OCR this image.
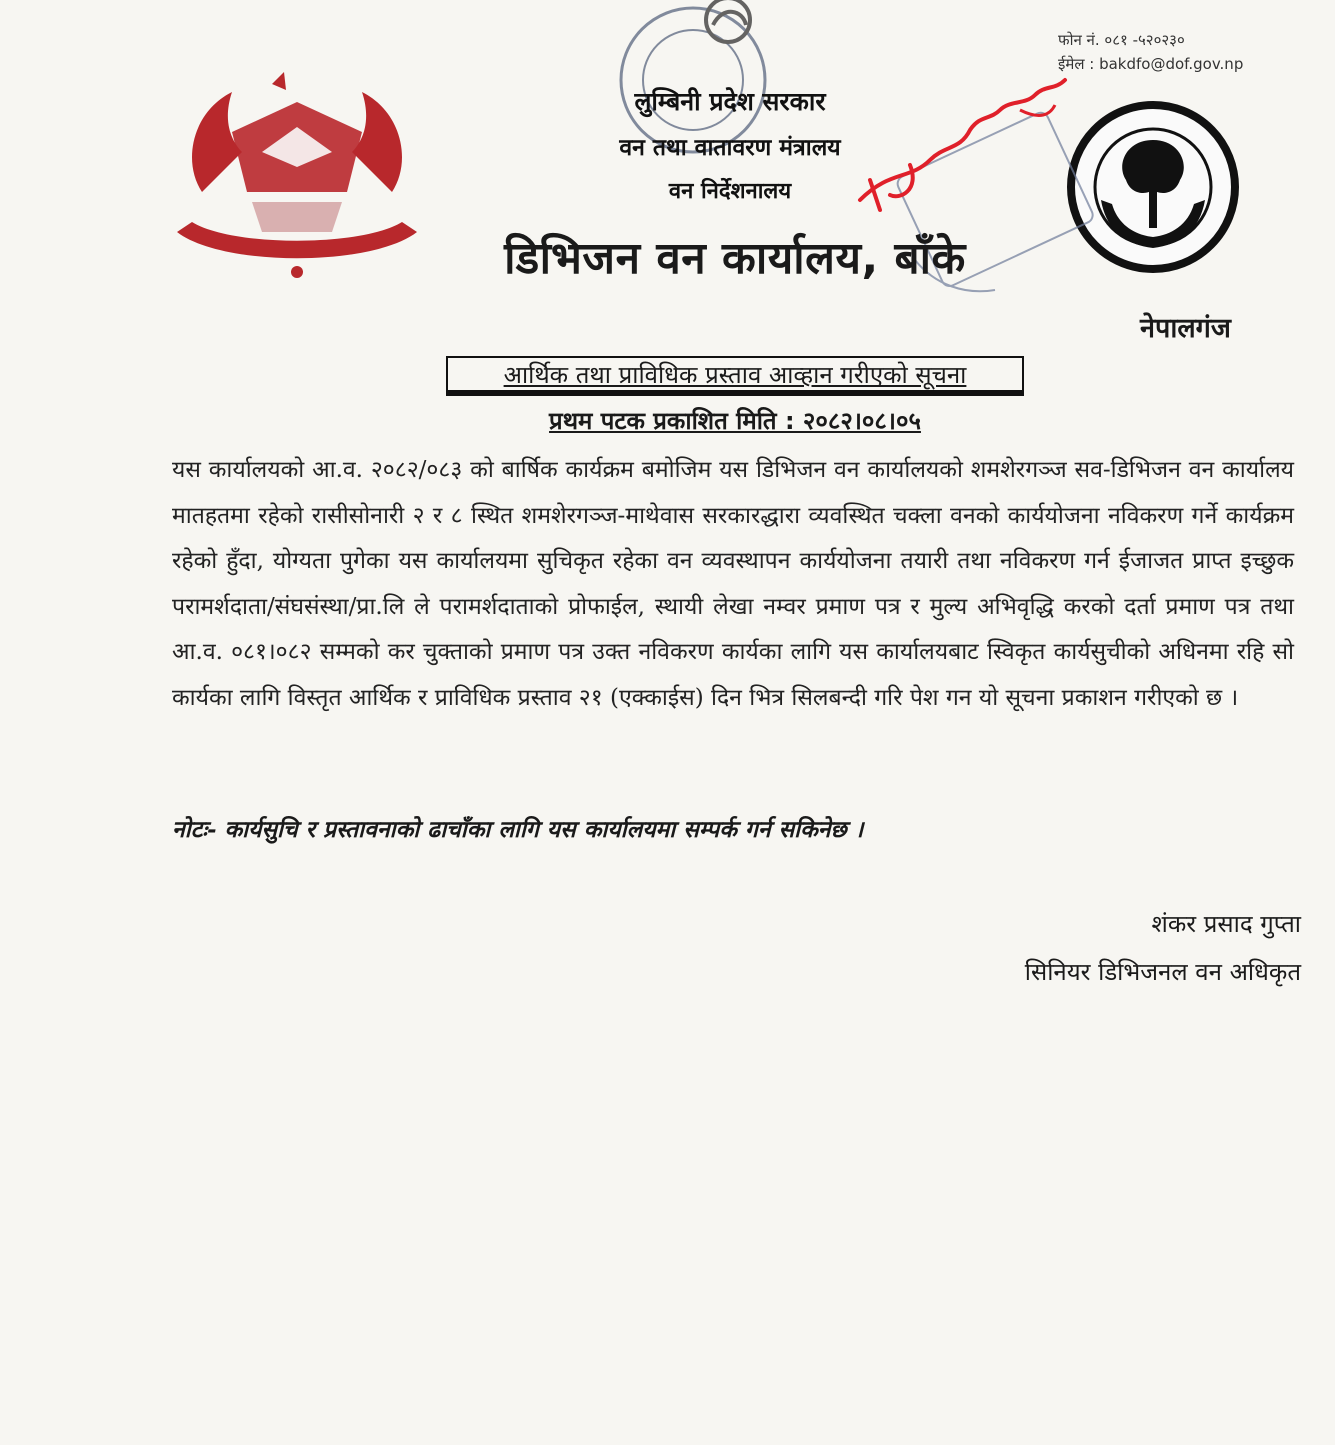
फोन नं. ०८१ -५२०२३०
ईमेल : bakdfo@dof.gov.np
लुम्बिनी प्रदेश सरकार
वन तथा वातावरण मंत्रालय
वन निर्देशनालय
डिभिजन वन कार्यालय, बाँके
नेपालगंज
आर्थिक तथा प्राविधिक प्रस्ताव आव्हान गरीएको सूचना
प्रथम पटक प्रकाशित मिति : २०८२।०८।०५
यस कार्यालयको आ.व. २०८२/०८३ को बार्षिक कार्यक्रम बमोजिम यस डिभिजन वन कार्यालयको शमशेरगञ्ज सव-डिभिजन वन कार्यालय मातहतमा रहेको रासीसोनारी २ र ८ स्थित शमशेरगञ्ज-माथेवास सरकारद्धारा व्यवस्थित चक्ला वनको कार्ययोजना नविकरण गर्ने कार्यक्रम रहेको हुँदा, योग्यता पुगेका यस कार्यालयमा सुचिकृत रहेका वन व्यवस्थापन कार्ययोजना तयारी तथा नविकरण गर्न ईजाजत प्राप्त इच्छुक परामर्शदाता/संघसंस्था/प्रा.लि ले परामर्शदाताको प्रोफाईल, स्थायी लेखा नम्वर प्रमाण पत्र र मुल्य अभिवृद्धि करको दर्ता प्रमाण पत्र तथा आ.व. ०८१।०८२ सम्मको कर चुक्ताको प्रमाण पत्र उक्त नविकरण कार्यका लागि यस कार्यालयबाट स्विकृत कार्यसुचीको अधिनमा रहि सो कार्यका लागि विस्तृत आर्थिक र प्राविधिक प्रस्ताव २१ (एक्काईस) दिन भित्र सिलबन्दी गरि पेश गन यो सूचना प्रकाशन गरीएको छ ।
नोटः- कार्यसुचि र प्रस्तावनाको ढाचाँका लागि यस कार्यालयमा सम्पर्क गर्न सकिनेछ ।
शंकर प्रसाद गुप्ता
सिनियर डिभिजनल वन अधिकृत
